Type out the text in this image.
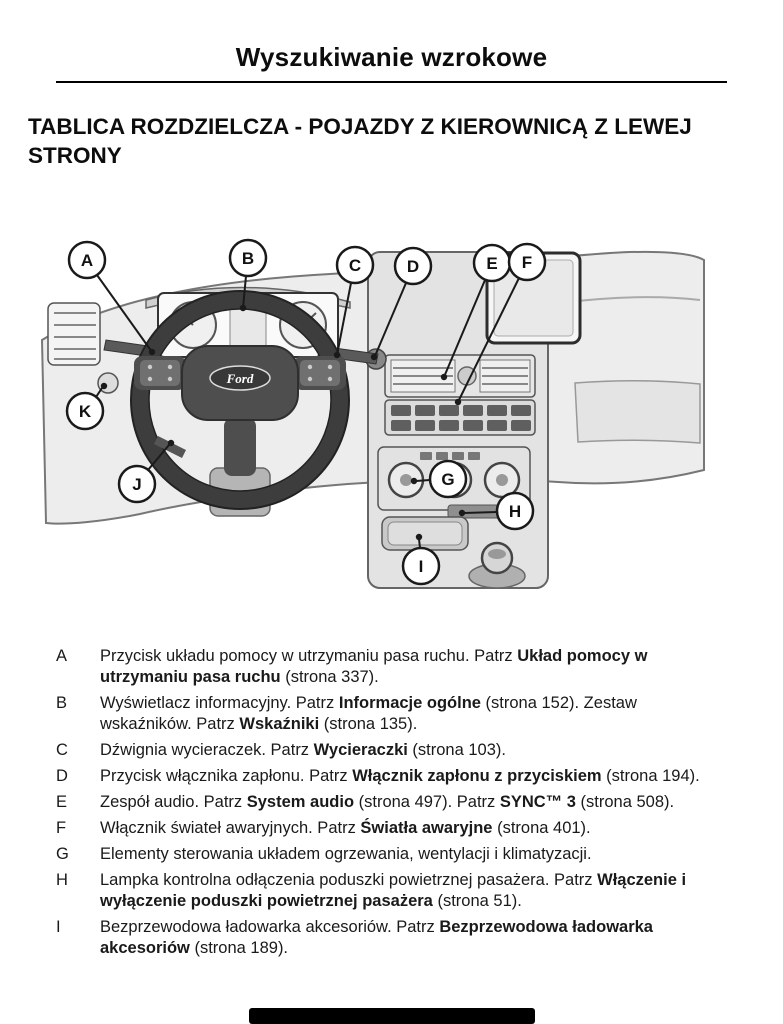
Wyszukiwanie wzrokowe
TABLICA ROZDZIELCZA - POJAZDY Z KIEROWNICĄ Z LEWEJ STRONY
Ford
A	B	C	D	E F
G
H
I
J
K
A Przycisk układu pomocy w utrzymaniu pasa ruchu. Patrz Układ pomocy w utrzymaniu pasa ruchu (strona 337).
B Wyświetlacz informacyjny. Patrz Informacje ogólne (strona 152). Zestaw wskaźników. Patrz Wskaźniki (strona 135).
C Dźwignia wycieraczek. Patrz Wycieraczki (strona 103).
D Przycisk włącznika zapłonu. Patrz Włącznik zapłonu z przyciskiem (strona 194).
E Zespół audio. Patrz System audio (strona 497). Patrz SYNC™ 3 (strona 508).
F Włącznik świateł awaryjnych. Patrz Światła awaryjne (strona 401).
G Elementy sterowania układem ogrzewania, wentylacji i klimatyzacji.
H Lampka kontrolna odłączenia poduszki powietrznej pasażera. Patrz Włączenie i wyłączenie poduszki powietrznej pasażera (strona 51).
I Bezprzewodowa ładowarka akcesoriów. Patrz Bezprzewodowa ładowarka akcesoriów (strona 189).
